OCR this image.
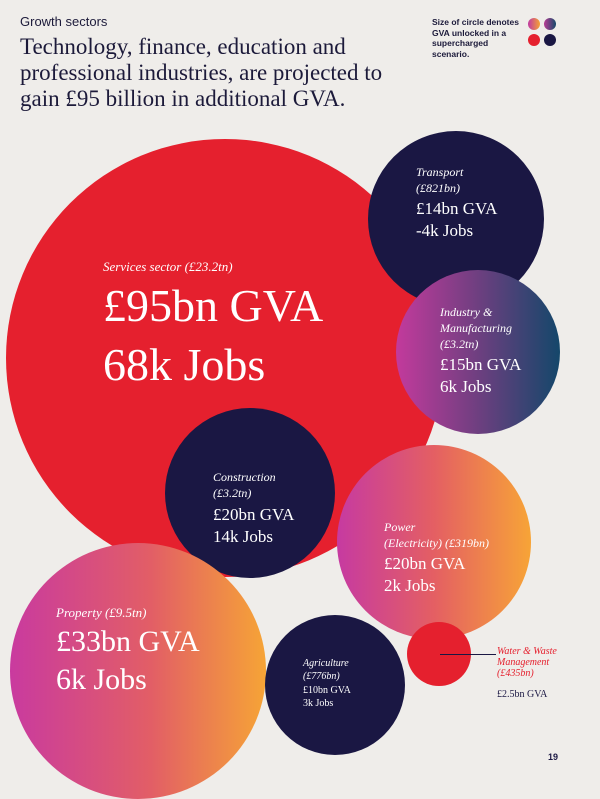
Growth sectors
Technology, finance, education and professional industries, are projected to gain £95 billion in additional GVA.
Size of circle denotes GVA unlocked in a supercharged scenario.
Services sector (£23.2tn)
£95bn GVA
68k Jobs
Transport
(£821bn)
£14bn GVA
-4k Jobs
Industry &
Manufacturing
(£3.2tn)
£15bn GVA
6k Jobs
Construction
(£3.2tn)
£20bn GVA
14k Jobs	Power
(Electricity) (£319bn)
£20bn GVA
2k Jobs
Property (£9.5tn)
£33bn GVA
6k Jobs	Agriculture
(£776bn)
£10bn GVA
3k Jobs
Water & Waste
Management
(£435bn)
£2.5bn GVA
19
